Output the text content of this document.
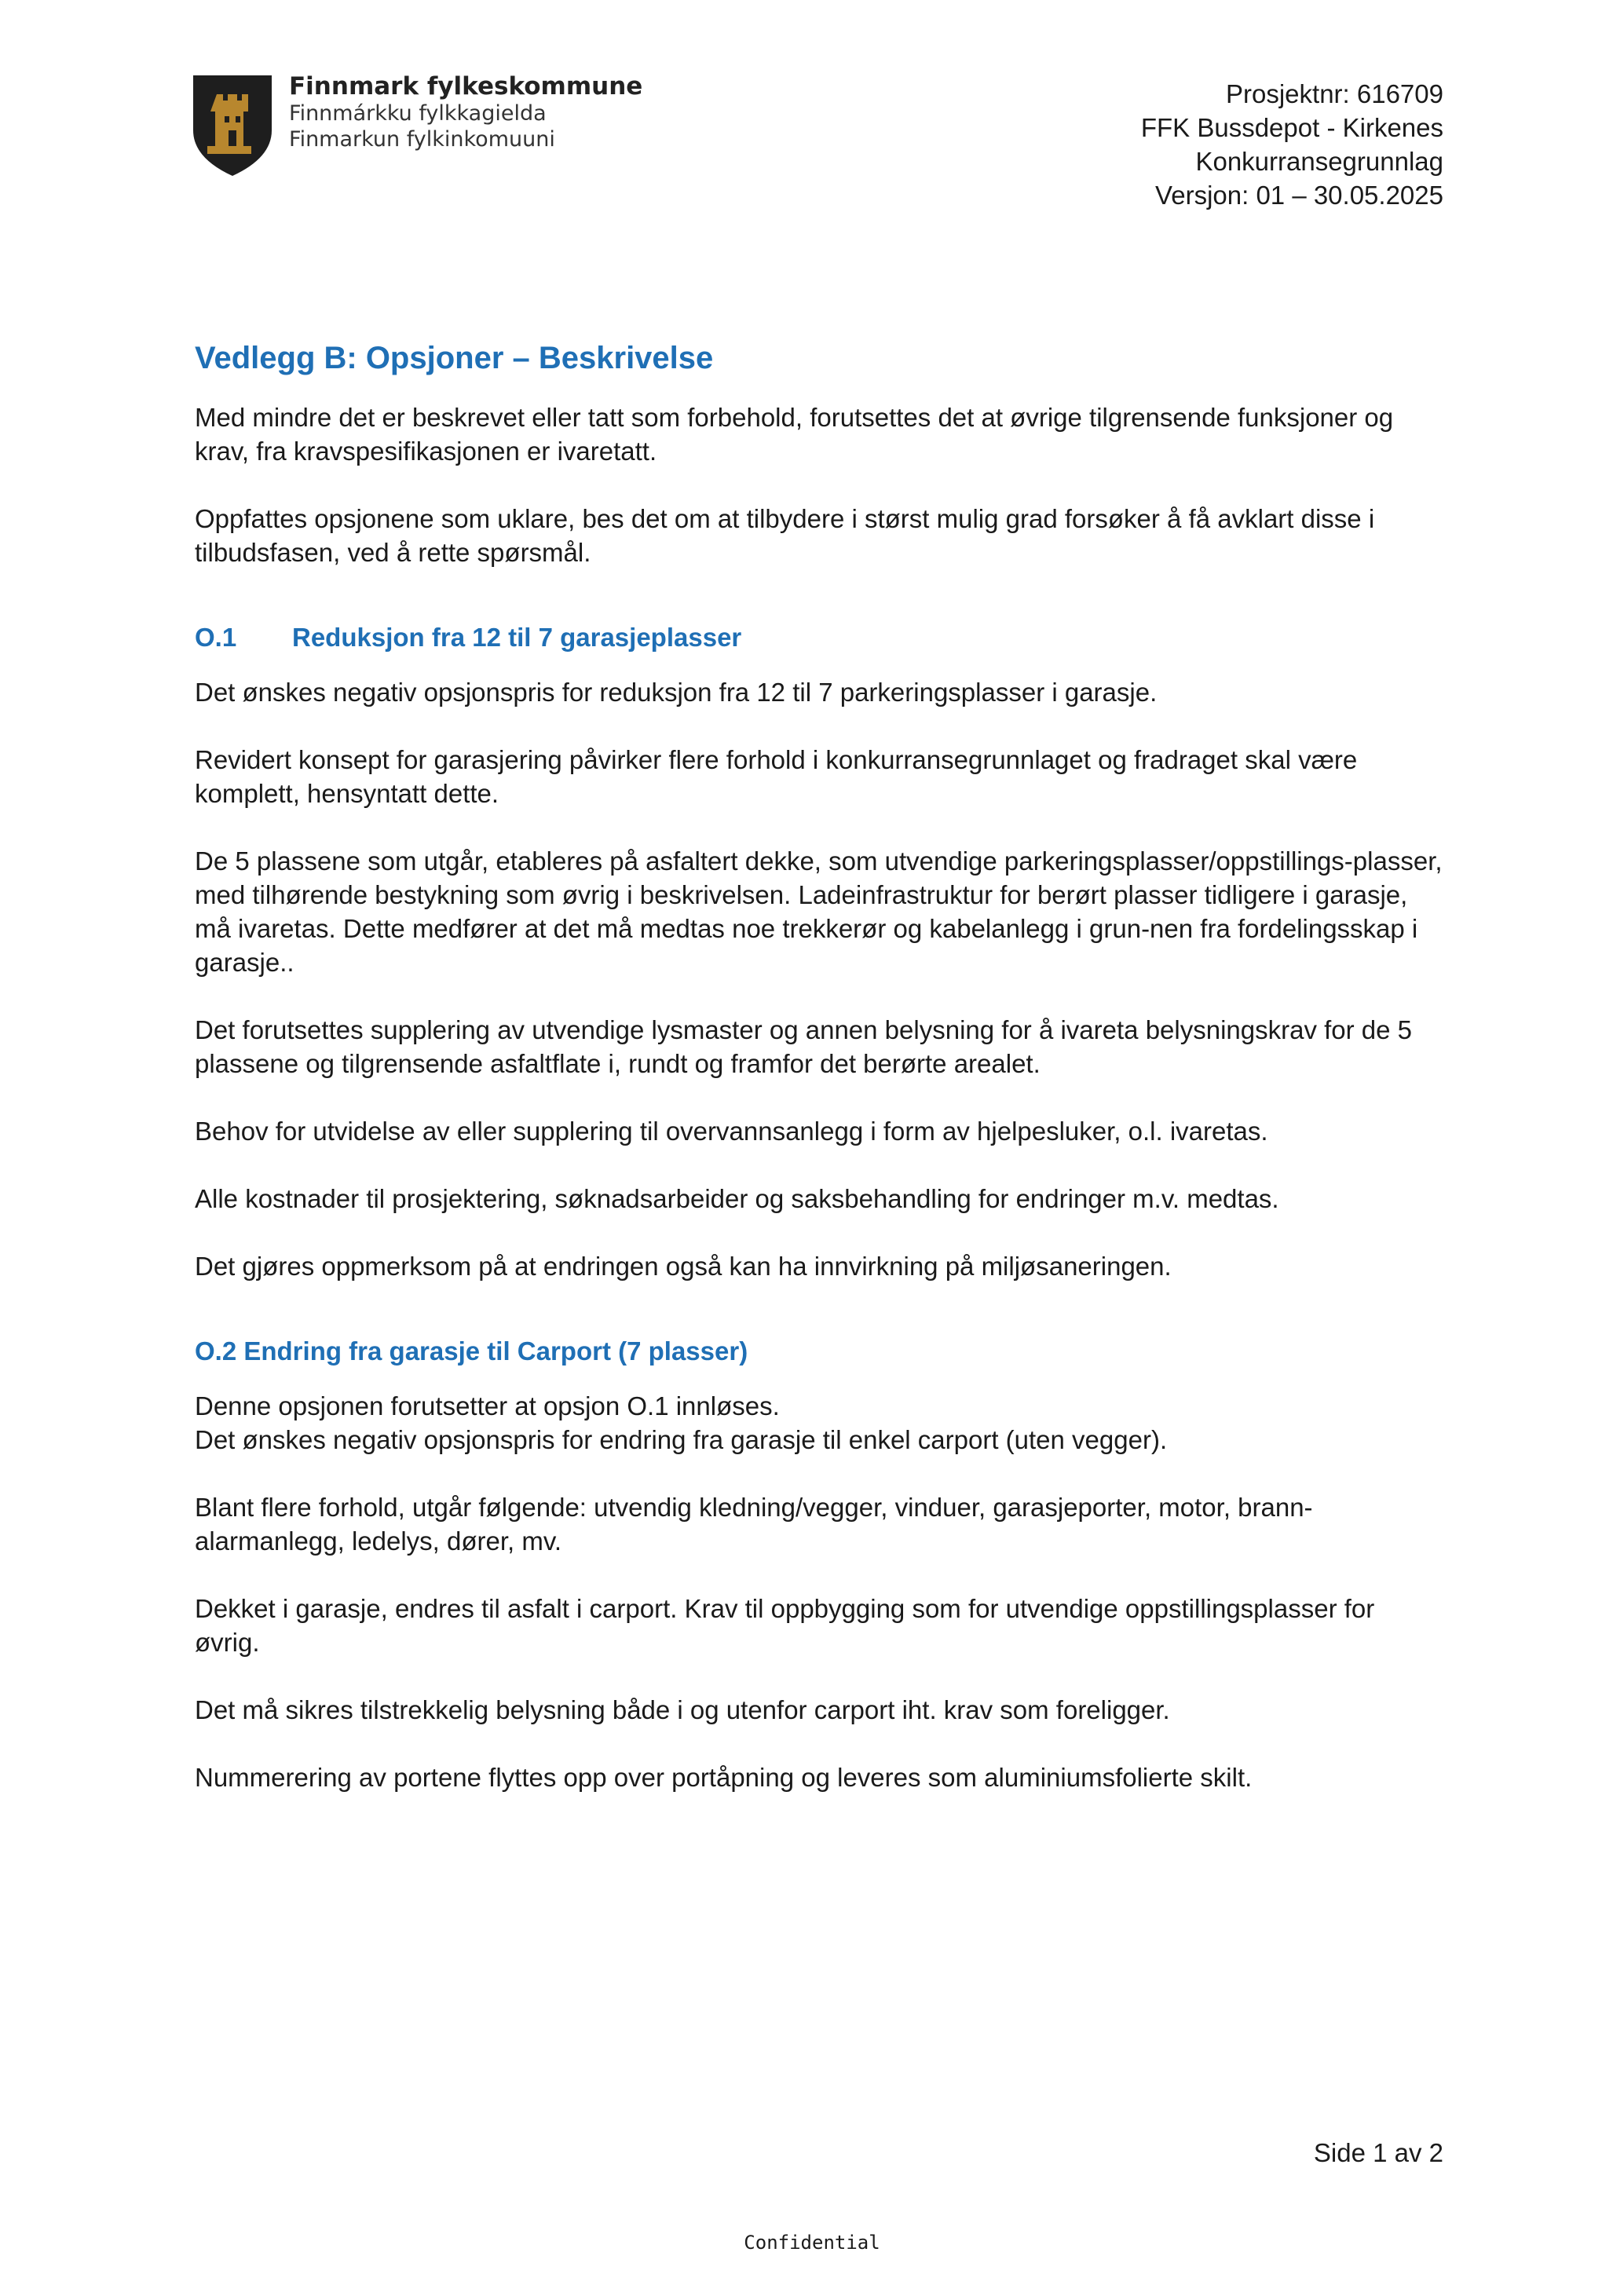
Finnmark fylkeskommune
Finnmárkku fylkkagielda
Finmarkun fylkinkomuuni
Prosjektnr: 616709
FFK Bussdepot - Kirkenes
Konkurransegrunnlag
Versjon: 01 – 30.05.2025
Vedlegg B: Opsjoner – Beskrivelse

Med mindre det er beskrevet eller tatt som forbehold, forutsettes det at øvrige tilgrensende funksjoner og krav, fra kravspesifikasjonen er ivaretatt.

Oppfattes opsjonene som uklare, bes det om at tilbydere i størst mulig grad forsøker å få avklart disse i tilbudsfasen, ved å rette spørsmål.

O.1 Reduksjon fra 12 til 7 garasjeplasser

Det ønskes negativ opsjonspris for reduksjon fra 12 til 7 parkeringsplasser i garasje.

Revidert konsept for garasjering påvirker flere forhold i konkurransegrunnlaget og fradraget skal være komplett, hensyntatt dette.

De 5 plassene som utgår, etableres på asfaltert dekke, som utvendige parkeringsplasser/oppstillings-plasser, med tilhørende bestykning som øvrig i beskrivelsen. Ladeinfrastruktur for berørt plasser tidligere i garasje, må ivaretas. Dette medfører at det må medtas noe trekkerør og kabelanlegg i grun-nen fra fordelingsskap i garasje..

Det forutsettes supplering av utvendige lysmaster og annen belysning for å ivareta belysningskrav for de 5 plassene og tilgrensende asfaltflate i, rundt og framfor det berørte arealet.

Behov for utvidelse av eller supplering til overvannsanlegg i form av hjelpesluker, o.l. ivaretas.

Alle kostnader til prosjektering, søknadsarbeider og saksbehandling for endringer m.v. medtas.

Det gjøres oppmerksom på at endringen også kan ha innvirkning på miljøsaneringen.

O.2 Endring fra garasje til Carport (7 plasser)

Denne opsjonen forutsetter at opsjon O.1 innløses.
Det ønskes negativ opsjonspris for endring fra garasje til enkel carport (uten vegger).

Blant flere forhold, utgår følgende: utvendig kledning/vegger, vinduer, garasjeporter, motor, brann-alarmanlegg, ledelys, dører, mv.

Dekket i garasje, endres til asfalt i carport. Krav til oppbygging som for utvendige oppstillingsplasser for øvrig.

Det må sikres tilstrekkelig belysning både i og utenfor carport iht. krav som foreligger.

Nummerering av portene flyttes opp over portåpning og leveres som aluminiumsfolierte skilt.

Side 1 av 2
Confidential
